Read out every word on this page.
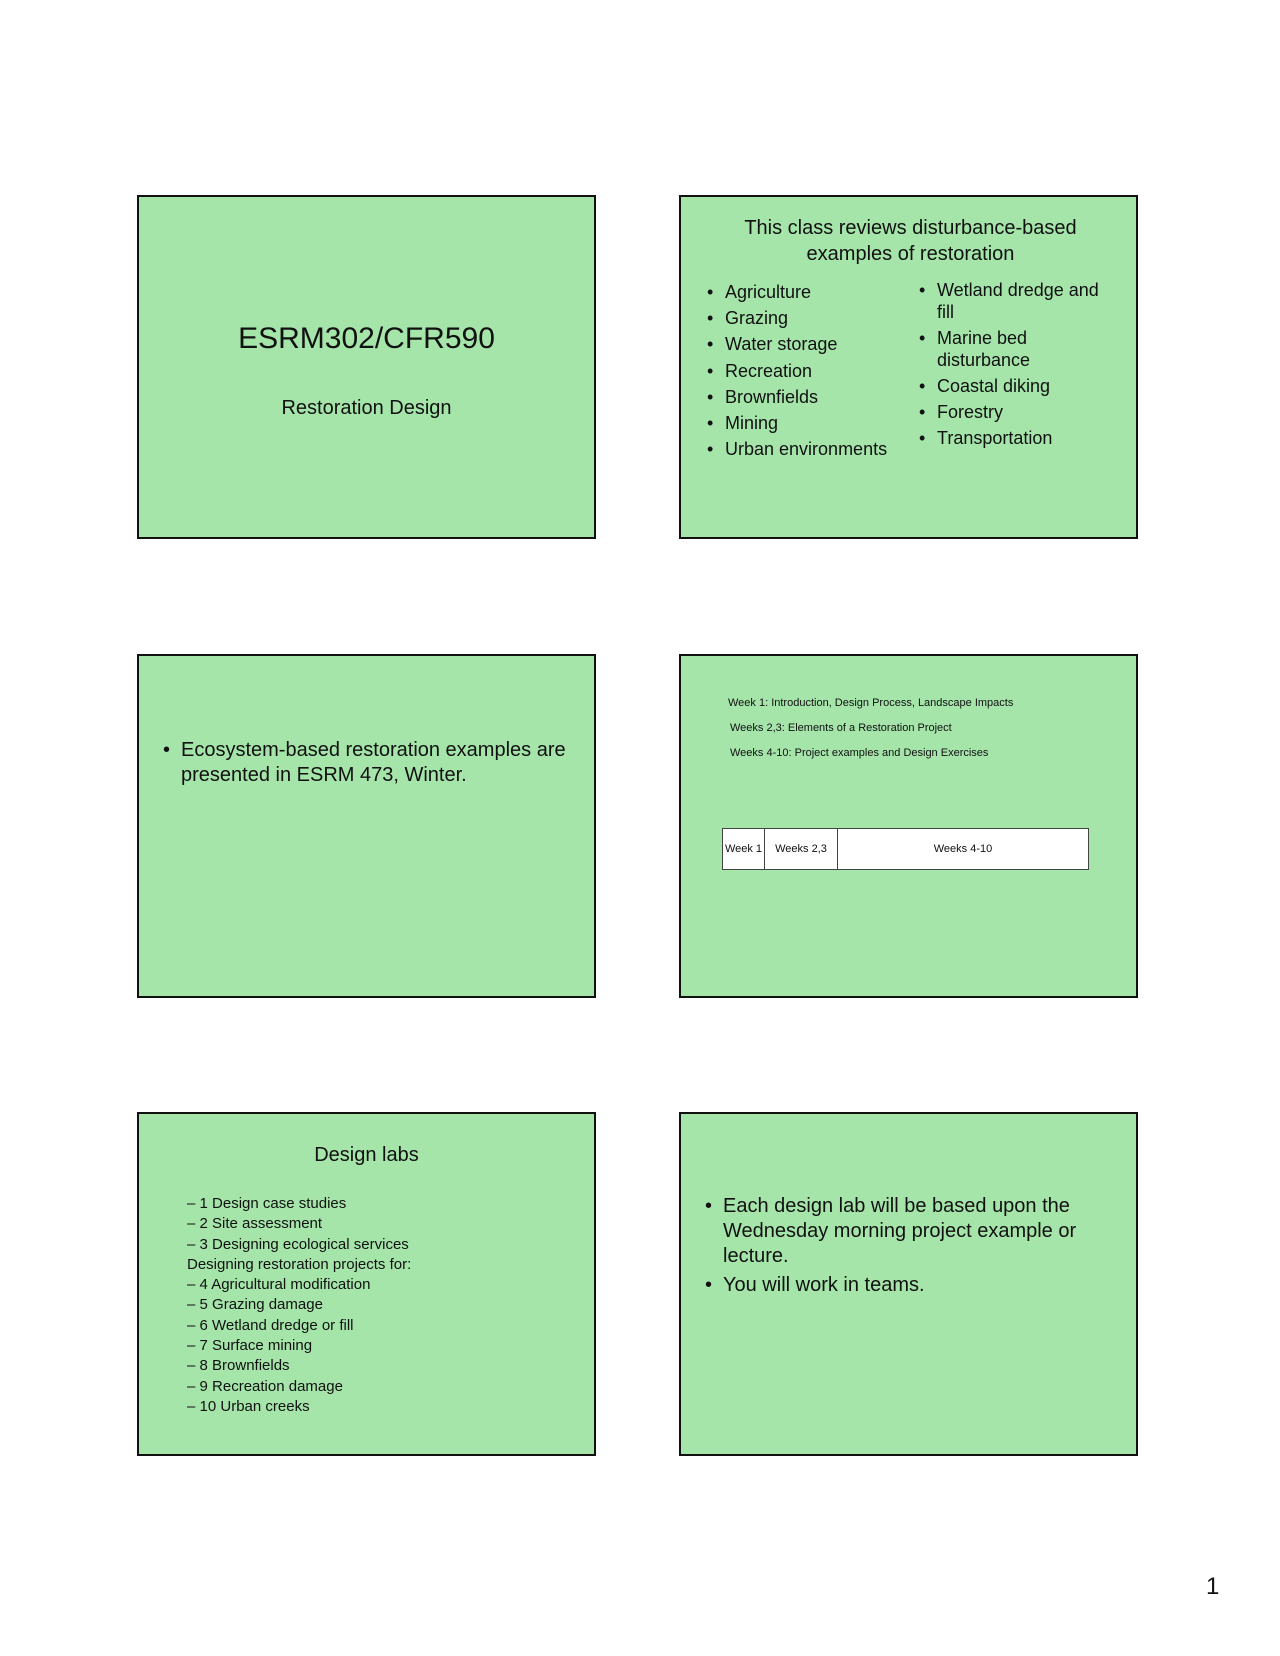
ESRM302/CFR590
Restoration Design
This class reviews disturbance-based examples of restoration
• Agriculture
• Grazing
• Water storage
• Recreation
• Brownfields
• Mining
• Urban environments
• Wetland dredge and fill
• Marine bed disturbance
• Coastal diking
• Forestry
• Transportation
• Ecosystem-based restoration examples are presented in ESRM 473, Winter.
Week 1: Introduction, Design Process, Landscape Impacts
Weeks 2,3: Elements of a Restoration Project
Weeks 4-10: Project examples and Design Exercises
Week 1	Weeks 2,3	Weeks 4-10
Design labs
– 1 Design case studies
– 2 Site assessment
– 3 Designing ecological services
Designing restoration projects for:
– 4 Agricultural modification
– 5 Grazing damage
– 6 Wetland dredge or fill
– 7 Surface mining
– 8 Brownfields
– 9 Recreation damage
– 10 Urban creeks
• Each design lab will be based upon the Wednesday morning project example or lecture.
• You will work in teams.
1
